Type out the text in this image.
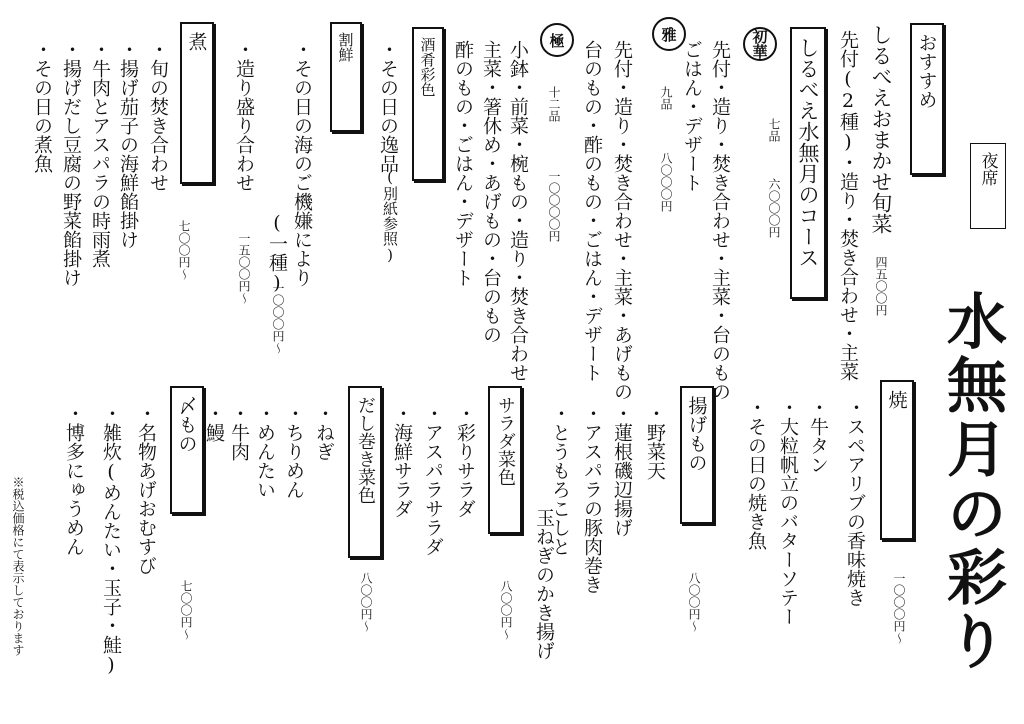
夜席
水無月の彩り
おすすめ
しるべえおまかせ旬菜
四五〇〇円
先付(2種)・造り・焚き合わせ・主菜
しるべえ水無月のコース
初華
七品
六〇〇〇円
先付・造り・焚き合わせ・主菜・台のもの
ごはん・デザート
雅
九品
八〇〇〇円
先付・造り・焚き合わせ・主菜・あげもの
台のもの・酢のもの・ごはん・デザート
極
十二品
一〇〇〇〇円
小鉢・前菜・椀もの・造り・焚き合わせ
主菜・箸休め・あげもの・台のもの
酢のもの・ごはん・デザート
酒肴彩色
・その日の逸品
(別紙参照)
割鮮
・その日の海のご機嫌により
(一種)
一〇〇〇円〜
・造り盛り合わせ
一五〇〇円〜
煮
・旬の焚き合わせ
・揚げ茄子の海鮮餡掛け
・牛肉とアスパラの時雨煮
・揚げだし豆腐の野菜餡掛け
・その日の煮魚
七〇〇円〜
焼
・スペアリブの香味焼き
・牛タン
・大粒帆立のバターソテー
・その日の焼き魚
一〇〇〇円〜
揚げもの
・野菜天
・蓮根磯辺揚げ
・アスパラの豚肉巻き
・とうもろこしと
玉ねぎのかき揚げ	八〇〇円〜
サラダ菜色
・彩りサラダ
・アスパラサラダ
・海鮮サラダ
八〇〇円〜
だし巻き菜色
・ねぎ
・ちりめん
・めんたい
・牛肉
・鰻
八〇〇円〜
〆もの
・名物あげおむすび
・雑炊(めんたい・玉子・鮭)
・博多にゅうめん
七〇〇円〜
※税込価格にて表示しております
